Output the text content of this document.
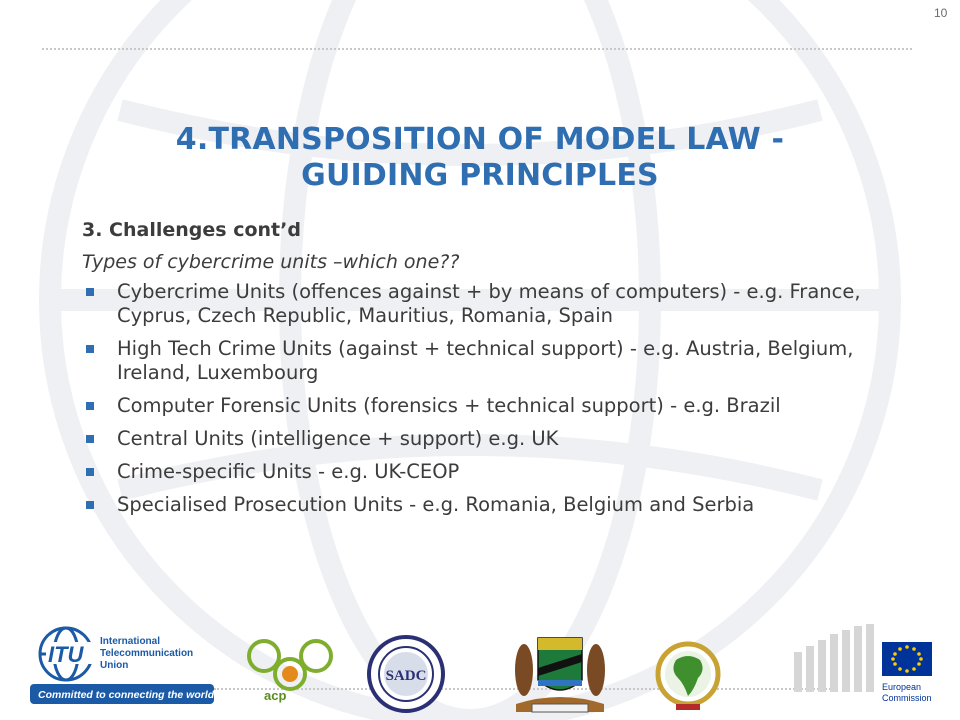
10
4.TRANSPOSITION OF MODEL LAW - GUIDING PRINCIPLES
3. Challenges cont’d
Types of cybercrime units –which one??
Cybercrime Units (offences against + by means of computers) - e.g. France, Cyprus, Czech Republic, Mauritius, Romania, Spain
High Tech Crime Units (against + technical support) - e.g. Austria, Belgium, Ireland, Luxembourg
Computer Forensic Units (forensics + technical support) - e.g. Brazil
Central Units (intelligence + support) e.g. UK
Crime-specific Units - e.g. UK-CEOP
Specialised Prosecution Units - e.g. Romania, Belgium and Serbia
ITU
International
Telecommunication
Union
Committed to connecting the world	acp
SADC
European
Commission
